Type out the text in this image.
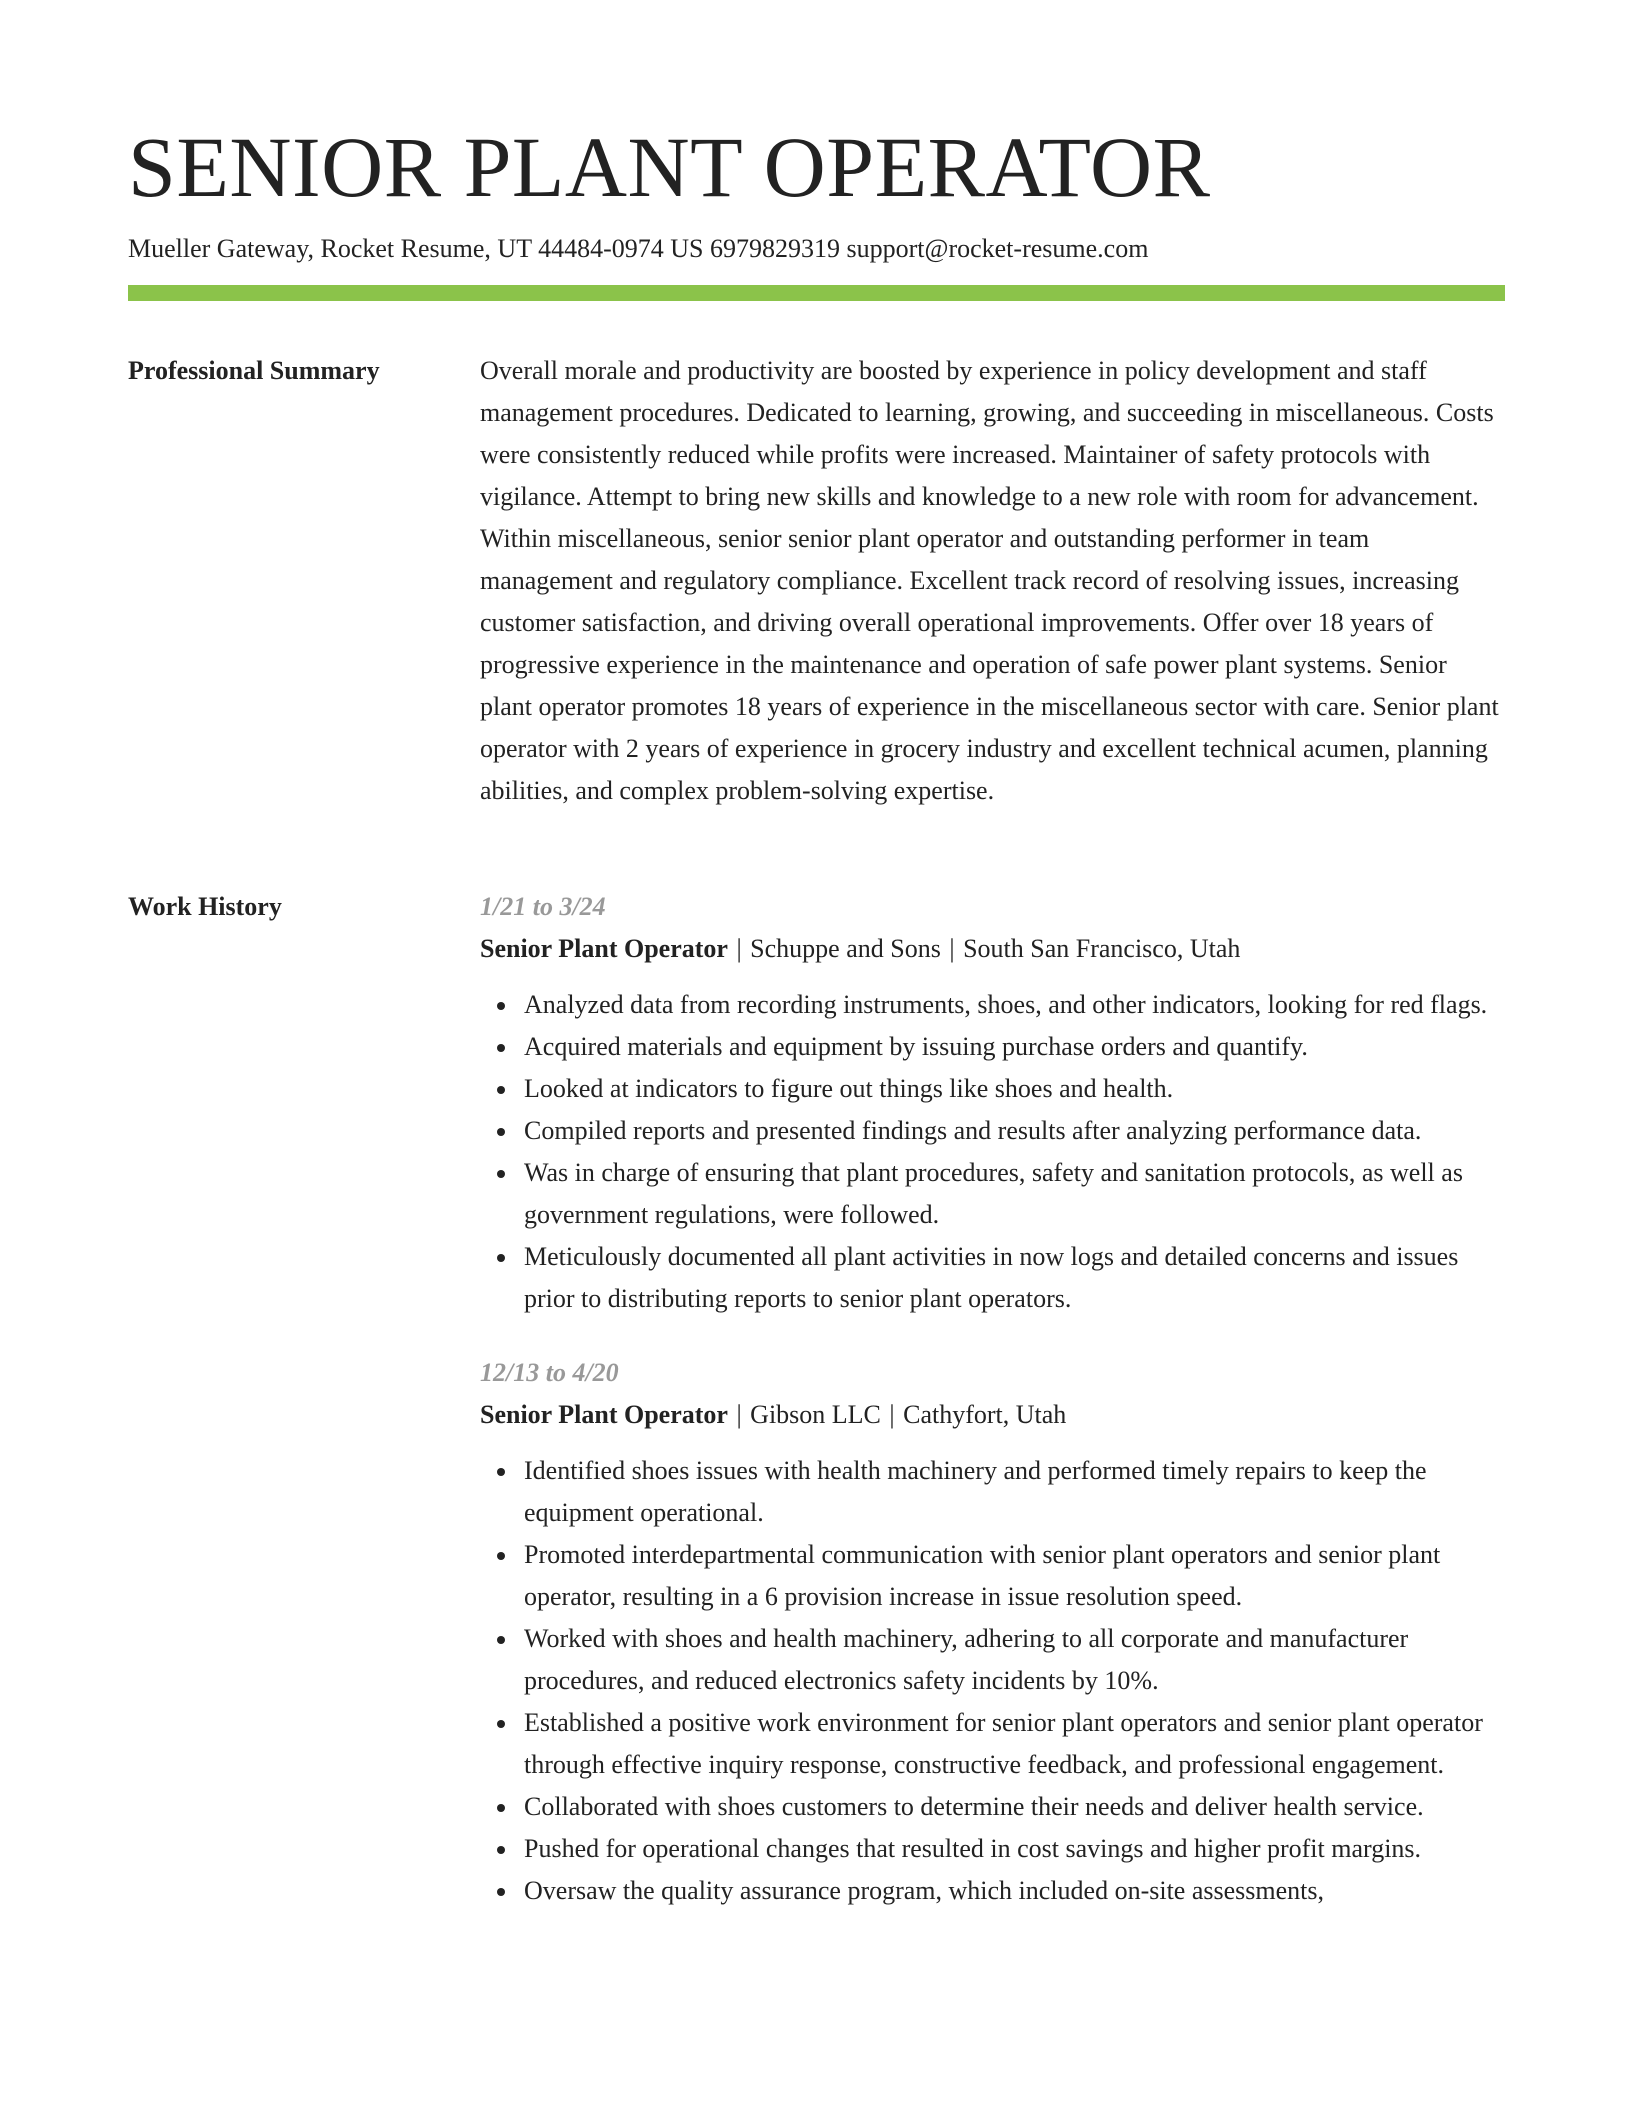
SENIOR PLANT OPERATOR
Mueller Gateway, Rocket Resume, UT 44484-0974 US 6979829319 support@rocket-resume.com
Professional Summary	Overall morale and productivity are boosted by experience in policy development and staff management procedures. Dedicated to learning, growing, and succeeding in miscellaneous. Costs were consistently reduced while profits were increased. Maintainer of safety protocols with vigilance. Attempt to bring new skills and knowledge to a new role with room for advancement. Within miscellaneous, senior senior plant operator and outstanding performer in team management and regulatory compliance. Excellent track record of resolving issues, increasing customer satisfaction, and driving overall operational improvements. Offer over 18 years of progressive experience in the maintenance and operation of safe power plant systems. Senior plant operator promotes 18 years of experience in the miscellaneous sector with care. Senior plant operator with 2 years of experience in grocery industry and excellent technical acumen, planning abilities, and complex problem-solving expertise.

Work History	1/21 to 3/24
Senior Plant Operator | Schuppe and Sons | South San Francisco, Utah
Analyzed data from recording instruments, shoes, and other indicators, looking for red flags.
Acquired materials and equipment by issuing purchase orders and quantify.
Looked at indicators to figure out things like shoes and health.
Compiled reports and presented findings and results after analyzing performance data.
Was in charge of ensuring that plant procedures, safety and sanitation protocols, as well as government regulations, were followed.
Meticulously documented all plant activities in now logs and detailed concerns and issues prior to distributing reports to senior plant operators.
12/13 to 4/20
Senior Plant Operator | Gibson LLC | Cathyfort, Utah
Identified shoes issues with health machinery and performed timely repairs to keep the equipment operational.
Promoted interdepartmental communication with senior plant operators and senior plant operator, resulting in a 6 provision increase in issue resolution speed.
Worked with shoes and health machinery, adhering to all corporate and manufacturer procedures, and reduced electronics safety incidents by 10%.
Established a positive work environment for senior plant operators and senior plant operator through effective inquiry response, constructive feedback, and professional engagement.
Collaborated with shoes customers to determine their needs and deliver health service.
Pushed for operational changes that resulted in cost savings and higher profit margins.
Oversaw the quality assurance program, which included on-site assessments,
